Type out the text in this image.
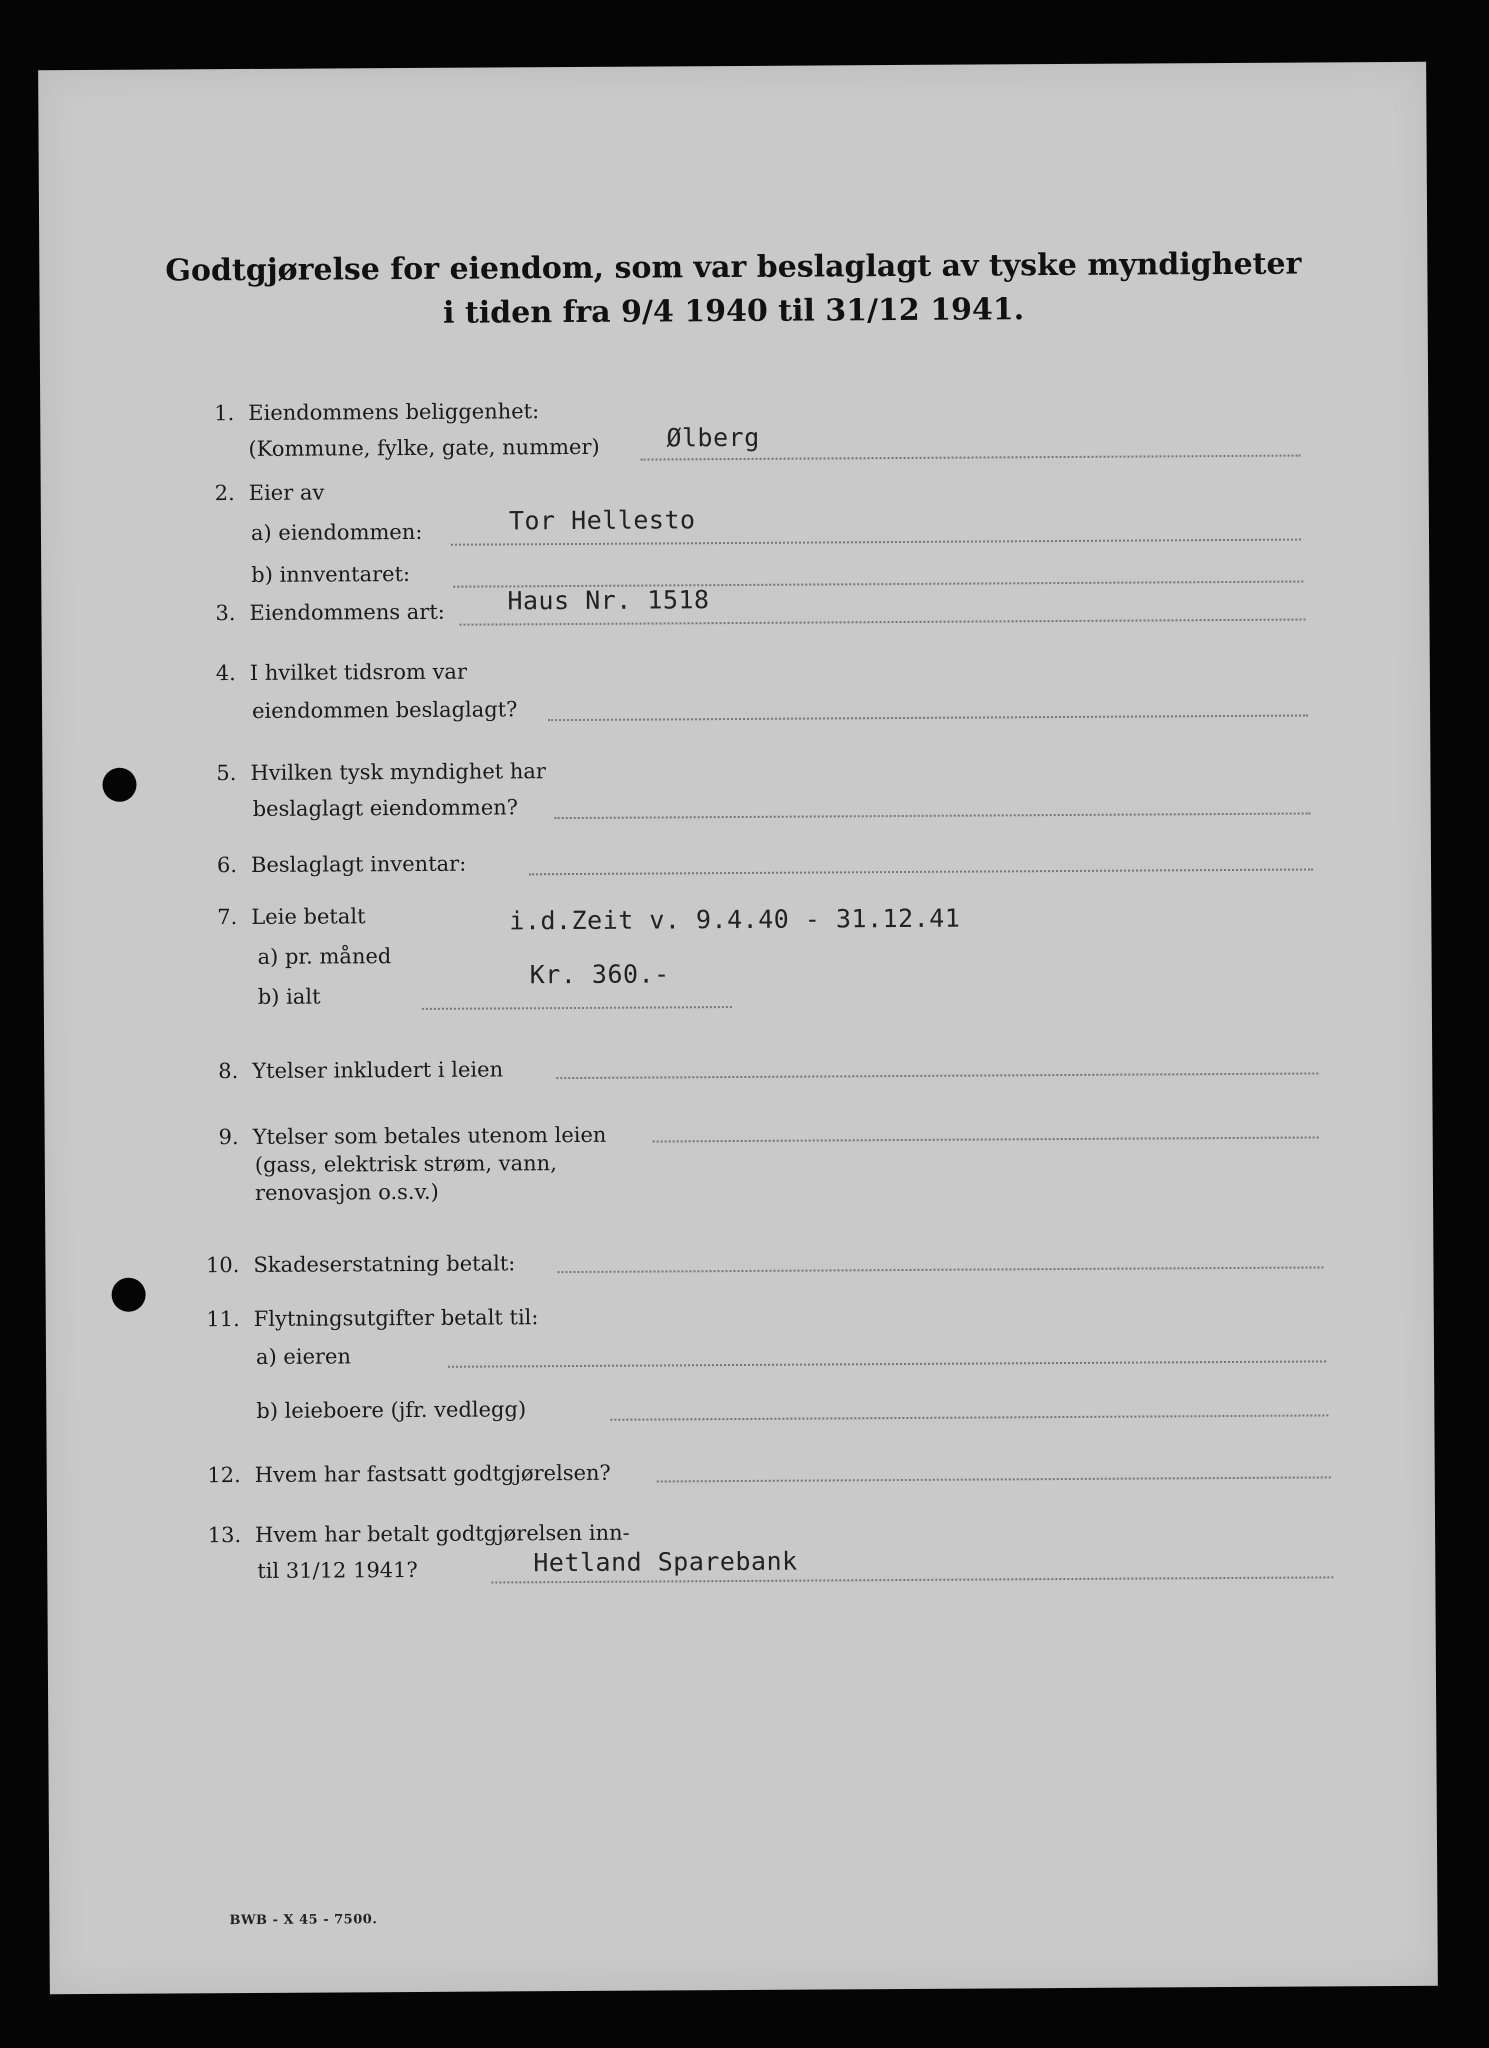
Godtgjørelse for eiendom, som var beslaglagt av tyske myndigheter
i tiden fra 9/4 1940 til 31/12 1941.
1. Eiendommens beliggenhet:
(Kommune, fylke, gate, nummer)	Ølberg
2. Eier av
a) eiendommen:	Tor Hellesto
b) innventaret:
3. Eiendommens art: Haus Nr. 1518
4. I hvilket tidsrom var
eiendommen beslaglagt?
5. Hvilken tysk myndighet har
beslaglagt eiendommen?
6. Beslaglagt inventar:
7. Leie betalt
a) pr. måned
i.d.Zeit v. 9.4.40 - 31.12.41
b) ialt
Kr. 360.-
8. Ytelser inkludert i leien
9. Ytelser som betales utenom leien
(gass, elektrisk strøm, vann,
renovasjon o.s.v.)
10. Skadeserstatning betalt:
11. Flytningsutgifter betalt til:
a) eieren
b) leieboere (jfr. vedlegg)
12. Hvem har fastsatt godtgjørelsen?
13. Hvem har betalt godtgjørelsen inn-
til 31/12 1941?	Hetland Sparebank
BWB - X 45 - 7500.
